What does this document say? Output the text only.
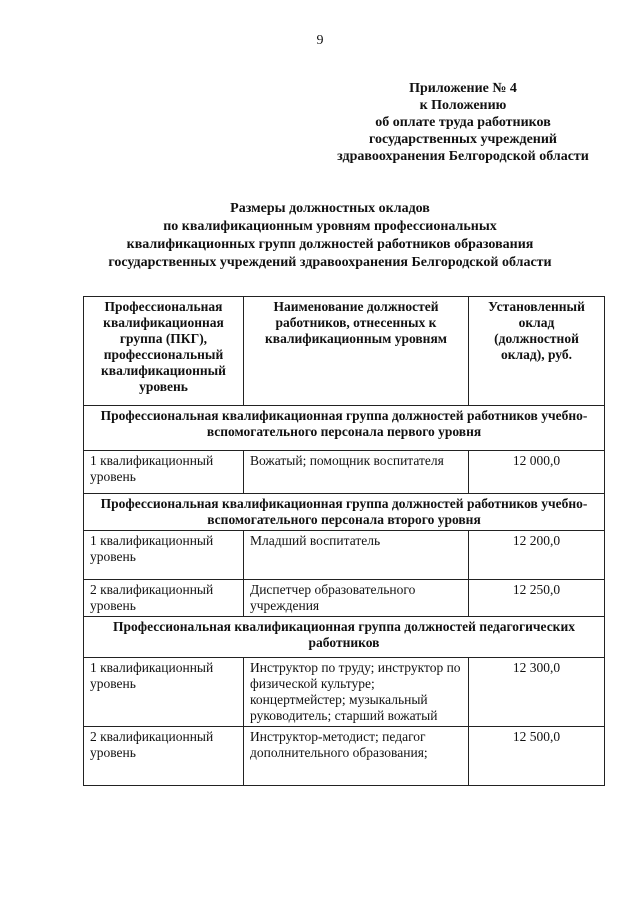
9
Приложение № 4
к Положению
об оплате труда работников
государственных учреждений
здравоохранения Белгородской области
Размеры должностных окладов
по квалификационным уровням профессиональных
квалификационных групп должностей работников образования
государственных учреждений здравоохранения Белгородской области
Профессиональная квалификационная группа (ПКГ), профессиональный квалификационный уровень	Наименование должностей работников, отнесенных к квалификационным уровням	Установленный оклад (должностной оклад), руб.
Профессиональная квалификационная группа должностей работников учебно-вспомогательного персонала первого уровня		
1 квалификационный уровень	Вожатый; помощник воспитателя	12 000,0
Профессиональная квалификационная группа должностей работников учебно-вспомогательного персонала второго уровня		
1 квалификационный уровень	Младший воспитатель	12 200,0
2 квалификационный уровень	Диспетчер образовательного учреждения	12 250,0
Профессиональная квалификационная группа должностей педагогических работников		
1 квалификационный уровень	Инструктор по труду; инструктор по физической культуре; концертмейстер; музыкальный руководитель; старший вожатый	12 300,0
2 квалификационный уровень	Инструктор-методист; педагог дополнительного образования;	12 500,0
